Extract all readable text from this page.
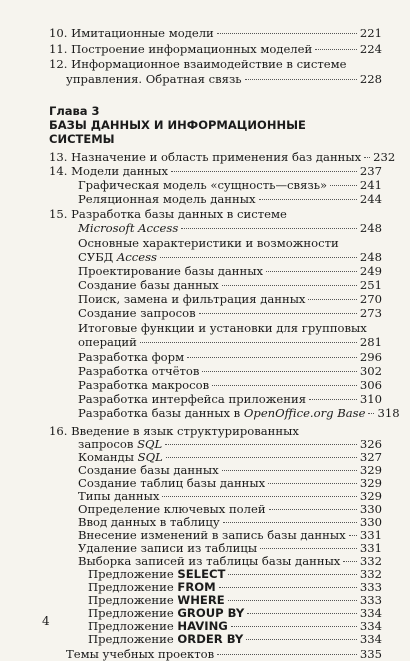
10. Имитационные модели	221
11. Построение информационных моделей	224
12. Информационное взаимодействие в системе
управления. Обратная связь	228
Глава 3
БАЗЫ ДАННЫХ И ИНФОРМАЦИОННЫЕ
СИСТЕМЫ
13. Назначение и область применения баз данных 232
14. Модели данных	237
Графическая модель «сущность—связь»	241
Реляционная модель данных	244
15. Разработка базы данных в системе
Microsoft Access	248
Основные характеристики и возможности
СУБД Access	248
Проектирование базы данных	249
Создание базы данных	251
Поиск, замена и фильтрация данных	270
Создание запросов	273
Итоговые функции и установки для групповых
операций	281
Разработка форм	296
Разработка отчётов	302
Разработка макросов	306
Разработка интерфейса приложения	310
Разработка базы данных в OpenOffice.org Base 318
16. Введение в язык структурированных
запросов SQL	326
Команды SQL	327
Создание базы данных	329
Создание таблиц базы данных	329
Типы данных	329
Определение ключевых полей	330
Ввод данных в таблицу	330
Внесение изменений в запись базы данных 331
Удаление записи из таблицы	331
Выборка записей из таблицы базы данных 332
Предложение SELECT	332
Предложение FROM	333
4
Предложение WHERE	333
Предложение GROUP BY	334
Предложение HAVING	334
Предложение ORDER BY	334
Темы учебных проектов	335
